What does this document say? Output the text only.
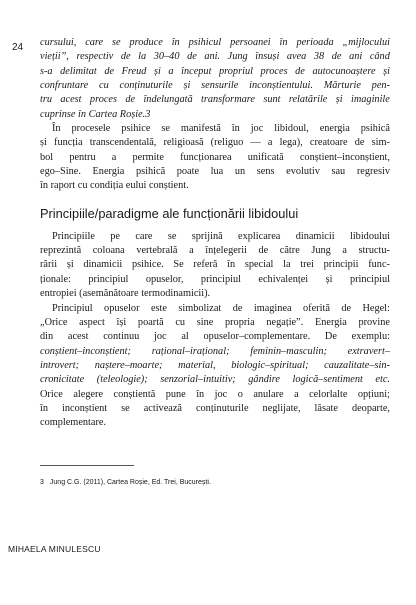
24 cursului, care se produce în psihicul persoanei în perioada „mijlocului
vieții”, respectiv de la 30–40 de ani. Jung însuși avea 38 de ani când
s-a delimitat de Freud și a început propriul proces de autocunoaștere și
confruntare cu conținuturile și sensurile inconștientului. Mărturie pen-
tru acest proces de îndelungată transformare sunt relatările și imaginile
cuprinse în Cartea Roșie.3
În procesele psihice se manifestă în joc libidoul, energia psihică
și funcția transcendentală, religioasă (religuo — a lega), creatoare de sim-
bol pentru a permite funcționarea unificată conștient–inconștient,
ego–Sine. Energia psihică poate lua un sens evolutiv sau regresiv
în raport cu condiția eului conștient.
Principiile/paradigme ale funcționării libidoului
Principiile pe care se sprijină explicarea dinamicii libidoului
reprezintă coloana vertebrală a înțelegerii de către Jung a structu-
rării și dinamicii psihice. Se referă în special la trei principii func-
ționale: principiul opuselor, principiul echivalenței și principiul
entropiei (asemănătoare termodinamicii).
Principiul opuselor este simbolizat de imaginea oferită de Hegel:
„Orice aspect își poartă cu sine propria negație”. Energia provine
din acest continuu joc al opuselor–complementare. De exemplu:
conștient–inconștient; rațional–irațional; feminin–masculin; extravert–
introvert; naștere–moarte; material, biologic–spiritual; cauzalitate–sin-
cronicitate (teleologie); senzorial–intuitiv; gândire logică–sentiment etc.
Orice alegere conștientă pune în joc o anulare a celorlalte opțiuni;
în inconștient se activează conținuturile neglijate, lăsate deoparte,
complementare.
3 Jung C.G. (2011), Cartea Roșie, Ed. Trei, București.
MIHAELA MINULESCU
